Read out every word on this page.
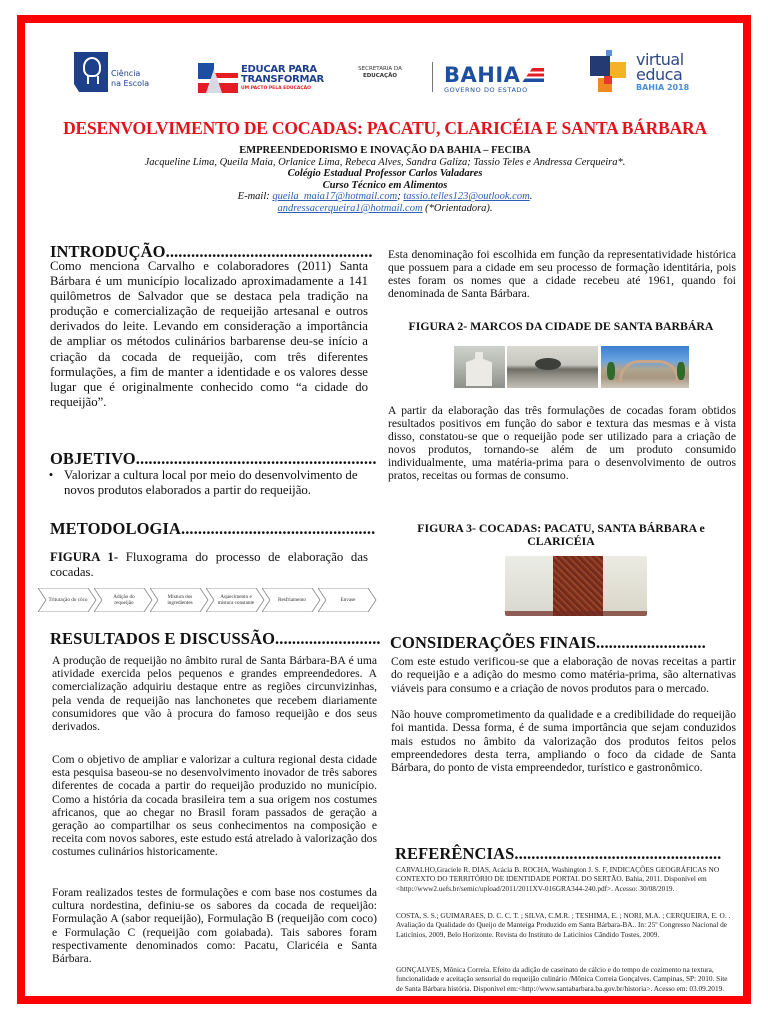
Ciência
na Escola
EDUCAR PARA
TRANSFORMAR
UM PACTO PELA EDUCAÇÃO
SECRETARIA DA
EDUCAÇÃO BAHIA
GOVERNO DO ESTADO
virtual
educa
BAHIA 2018
DESENVOLVIMENTO DE COCADAS: PACATU, CLARICÉIA E SANTA BÁRBARA
EMPREENDEDORISMO E INOVAÇÃO DA BAHIA – FECIBA
Jacqueline Lima, Queila Maia, Orlanice Lima, Rebeca Alves, Sandra Galiza; Tassio Teles e Andressa Cerqueira*.
Colégio Estadual Professor Carlos Valadares
Curso Técnico em Alimentos
E-mail: queila_maia17@hotmail.com; tassio.telles123@outlook.com.
andressacerqueira1@hotmail.com (*Orientadora).
INTRODUÇÃO.................................................
Como menciona Carvalho e colaboradores (2011) Santa Bárbara é um município localizado aproximadamente a 141 quilômetros de Salvador que se destaca pela tradição na produção e comercialização de requeijão artesanal e outros derivados do leite. Levando em consideração a importância de ampliar os métodos culinários barbarense deu-se início a criação da cocada de requeijão, com três diferentes formulações, a fim de manter a identidade e os valores desse lugar que é originalmente conhecido como “a cidade do requeijão”.
OBJETIVO.........................................................
• Valorizar a cultura local por meio do desenvolvimento de novos produtos elaborados a partir do requeijão.
METODOLOGIA..............................................
FIGURA 1- Fluxograma do processo de elaboração das cocadas.
Trituração do côco	Adição do requeijão
Mistura dos ingredientes
Aquecimento e mistura constante	Resfriamento	Envase
RESULTADOS E DISCUSSÃO.........................
A produção de requeijão no âmbito rural de Santa Bárbara-BA é uma atividade exercida pelos pequenos e grandes empreendedores. A comercialização adquiriu destaque entre as regiões circunvizinhas, pela venda de requeijão nas lanchonetes que recebem diariamente consumidores que vão à procura do famoso requeijão e dos seus derivados.
Com o objetivo de ampliar e valorizar a cultura regional desta cidade esta pesquisa baseou-se no desenvolvimento inovador de três sabores diferentes de cocada a partir do requeijão produzido no município. Como a história da cocada brasileira tem a sua origem nos costumes africanos, que ao chegar no Brasil foram passados de geração a geração ao compartilhar os seus conhecimentos na composição e receita com novos sabores, este estudo está atrelado à valorização dos costumes culinários historicamente.
Foram realizados testes de formulações e com base nos costumes da cultura nordestina, definiu-se os sabores da cocada de requeijão: Formulação A (sabor requeijão), Formulação B (requeijão com coco) e Formulação C (requeijão com goiabada). Tais sabores foram respectivamente denominados como: Pacatu, Claricéia e Santa Bárbara.
Esta denominação foi escolhida em função da representatividade histórica que possuem para a cidade em seu processo de formação identitária, pois estes foram os nomes que a cidade recebeu até 1961, quando foi denominada de Santa Bárbara.
FIGURA 2- MARCOS DA CIDADE DE SANTA BARBÁRA
A partir da elaboração das três formulações de cocadas foram obtidos resultados positivos em função do sabor e textura das mesmas e à vista disso, constatou-se que o requeijão pode ser utilizado para a criação de novos produtos, tornando-se além de um produto consumido individualmente, uma matéria-prima para o desenvolvimento de outros pratos, receitas ou formas de consumo.
FIGURA 3- COCADAS: PACATU, SANTA BÁRBARA e CLARICÉIA
CONSIDERAÇÕES FINAIS..........................
Com este estudo verificou-se que a elaboração de novas receitas a partir do requeijão e a adição do mesmo como matéria-prima, são alternativas viáveis para consumo e a criação de novos produtos para o mercado.
Não houve comprometimento da qualidade e a credibilidade do requeijão foi mantida. Dessa forma, é de suma importância que sejam conduzidos mais estudos no âmbito da valorização dos produtos feitos pelos empreendedores desta terra, ampliando o foco da cidade de Santa Bárbara, do ponto de vista empreendedor, turístico e gastronômico.
REFERÊNCIAS.................................................
CARVALHO,Graciele R. DIAS, Acácia B. ROCHA, Washington J. S. F, INDICAÇÕES GEOGRÁFICAS NO CONTEXTO DO TERRITÓRIO DE IDENTIDADE PORTAL DO SERTÃO. Bahia, 2011. Disponível em <http://www2.uefs.br/semic/upload/2011/2011XV-016GRA344-240.pdf>. Acesso: 30/08/2019.
COSTA, S. S.; GUIMARAES, D. C. C. T. ; SILVA, C.M.R. ; TESHIMA, E. ; NORI, M.A. ; CERQUEIRA, E. O. . Avaliação da Qualidade do Queijo de Manteiga Produzido em Santa Bárbara-BA.. In: 25º Congresso Nacional de Laticínios, 2009, Belo Horizonte. Revista do Instituto de Laticínios Cândido Tostes, 2009.
GONÇALVES, Mônica Correia. Efeito da adição de caseinato de cálcio e do tempo de cozimento na textura, funcionalidade e aceitação sensorial do requeijão culinário /Mônica Correia Gonçalves. Campinas, SP: 2010. Site de Santa Bárbara história. Disponível em:<http://www.santabarbara.ba.gov.br/historia>. Acesso em: 03.09.2019.
